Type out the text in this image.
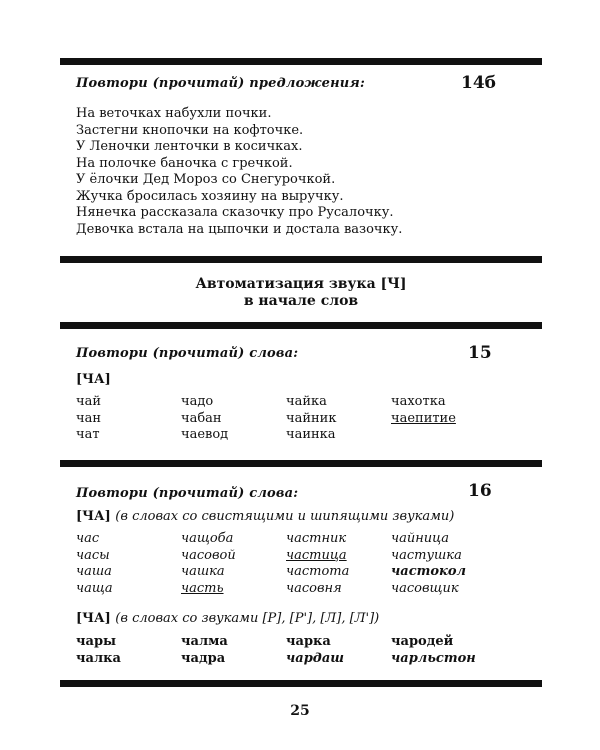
Повтори (прочитай) предложения:	14б
На веточках набухли почки.
Застегни кнопочки на кофточке.
У Леночки ленточки в косичках.
На полочке баночка с гречкой.
У ёлочки Дед Мороз со Снегурочкой.
Жучка бросилась хозяину на выручку.
Нянечка рассказала сказочку про Русалочку.
Девочка встала на цыпочки и достала вазочку.
Автоматизация звука [Ч]
в начале слов
Повтори (прочитай) слова:	15
[ЧА]
чай	чадо	чайка	чахотка
чан	чабан	чайник	чаепитие
чат	чаевод	чаинка
Повтори (прочитай) слова:	16
[ЧА] (в словах со свистящими и шипящими звуками)
час	чащоба	частник	чайница
часы	часовой	частица	частушка
чаша	чашка	частота	частокол
чаща	часть	часовня	часовщик
[ЧА] (в словах со звуками [Р], [Р'], [Л], [Л'])
чары	чалма	чарка	чародей
чалка	чадра	чардаш	чарльстон
25
